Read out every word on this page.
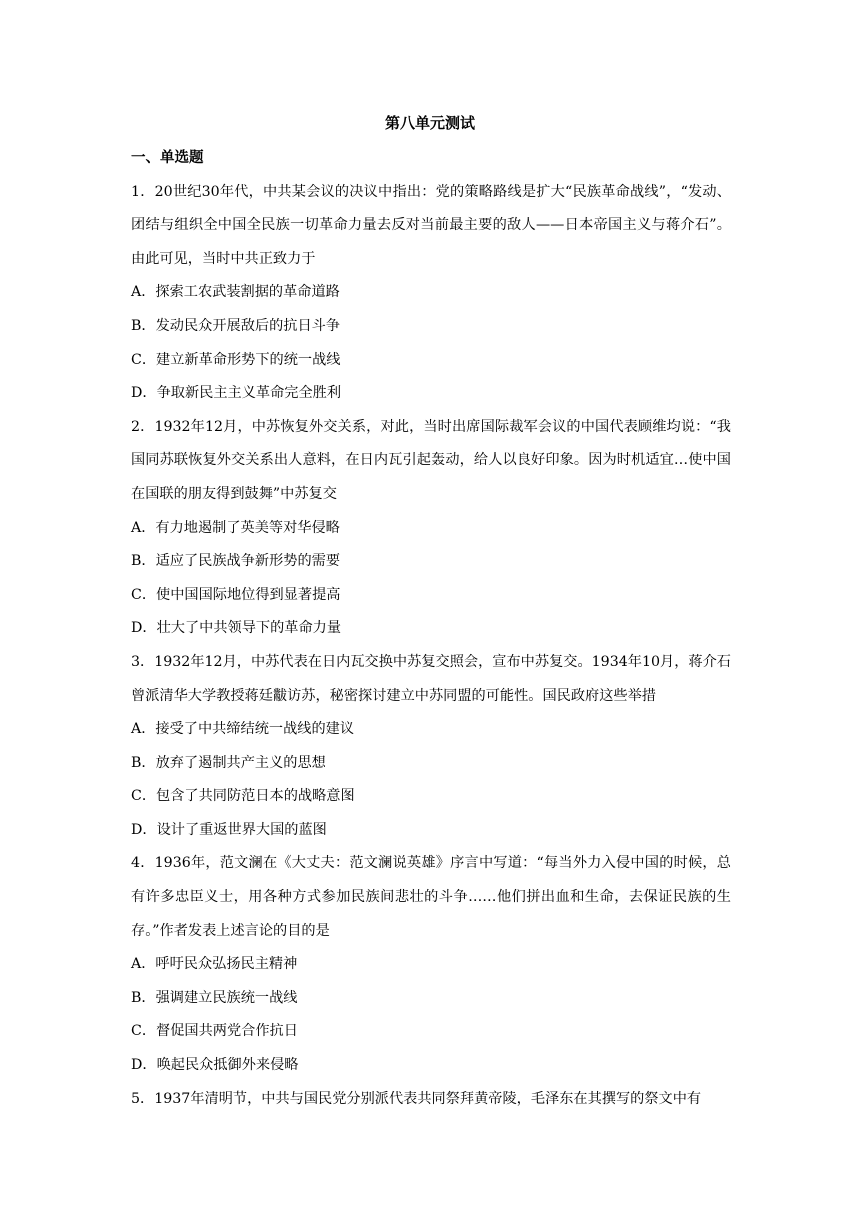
第八单元测试
一、单选题
1．20世纪30年代，中共某会议的决议中指出：党的策略路线是扩大“民族革命战线”，“发动、团结与组织全中国全民族一切革命力量去反对当前最主要的敌人——日本帝国主义与蒋介石”。由此可见，当时中共正致力于
A．探索工农武装割据的革命道路
B．发动民众开展敌后的抗日斗争
C．建立新革命形势下的统一战线
D．争取新民主主义革命完全胜利
2．1932年12月，中苏恢复外交关系，对此，当时出席国际裁军会议的中国代表顾维均说：“我国同苏联恢复外交关系出人意料，在日内瓦引起轰动，给人以良好印象。因为时机适宜…使中国在国联的朋友得到鼓舞”中苏复交
A．有力地遏制了英美等对华侵略
B．适应了民族战争新形势的需要
C．使中国国际地位得到显著提高
D．壮大了中共领导下的革命力量
3．1932年12月，中苏代表在日内瓦交换中苏复交照会，宣布中苏复交。1934年10月，蒋介石曾派清华大学教授蒋廷黻访苏，秘密探讨建立中苏同盟的可能性。国民政府这些举措
A．接受了中共缔结统一战线的建议
B．放弃了遏制共产主义的思想
C．包含了共同防范日本的战略意图
D．设计了重返世界大国的蓝图
4．1936年，范文澜在《大丈夫：范文澜说英雄》序言中写道：“每当外力入侵中国的时候，总有许多忠臣义士，用各种方式参加民族间悲壮的斗争……他们拼出血和生命，去保证民族的生存。”作者发表上述言论的目的是
A．呼吁民众弘扬民主精神
B．强调建立民族统一战线
C．督促国共两党合作抗日
D．唤起民众抵御外来侵略
5．1937年清明节，中共与国民党分别派代表共同祭拜黄帝陵，毛泽东在其撰写的祭文中有
